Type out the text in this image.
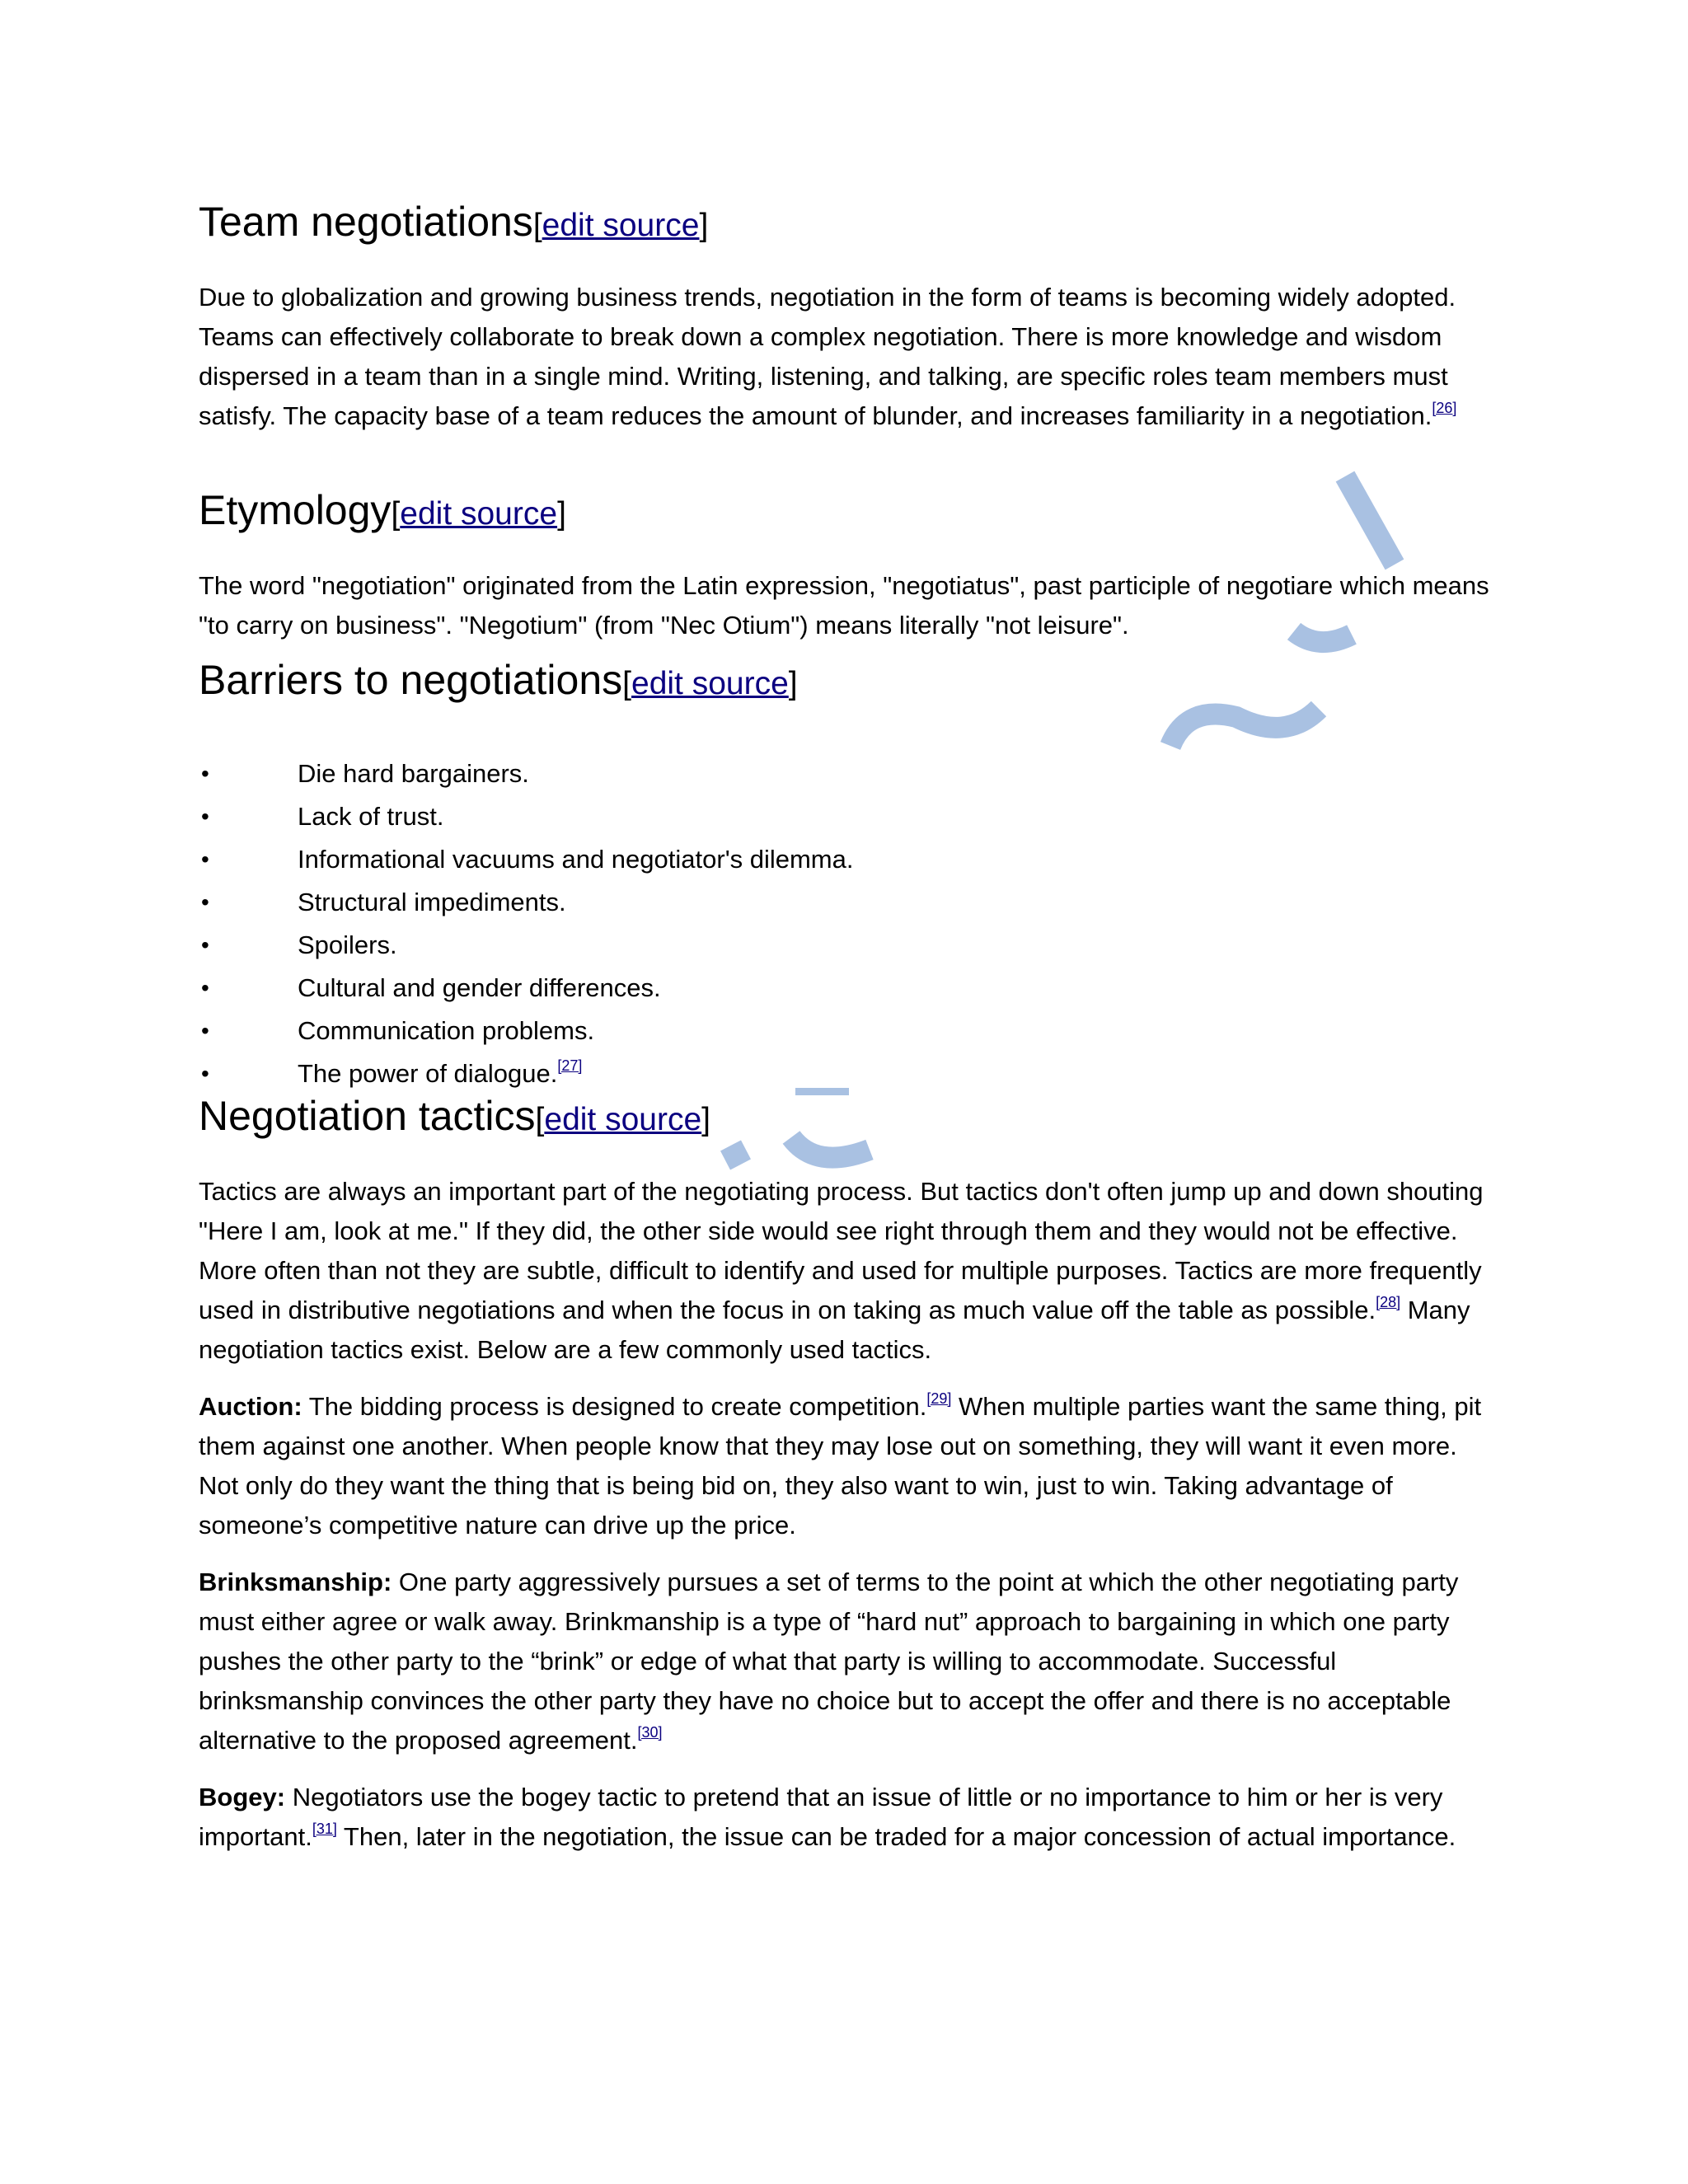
Team negotiations[edit source]

Due to globalization and growing business trends, negotiation in the form of teams is becoming widely adopted. Teams can effectively collaborate to break down a complex negotiation. There is more knowledge and wisdom dispersed in a team than in a single mind. Writing, listening, and talking, are specific roles team members must satisfy. The capacity base of a team reduces the amount of blunder, and increases familiarity in a negotiation.[26]

Etymology[edit source]

The word "negotiation" originated from the Latin expression, "negotiatus", past participle of negotiare which means "to carry on business". "Negotium" (from "Nec Otium") means literally "not leisure".

Barriers to negotiations[edit source]
•	Die hard bargainers.
•	Lack of trust.
•	Informational vacuums and negotiator's dilemma.
•	Structural impediments.
•	Spoilers.
•	Cultural and gender differences.
•	Communication problems.
•	The power of dialogue.[27]
Negotiation tactics[edit source]

Tactics are always an important part of the negotiating process. But tactics don't often jump up and down shouting "Here I am, look at me." If they did, the other side would see right through them and they would not be effective. More often than not they are subtle, difficult to identify and used for multiple purposes. Tactics are more frequently used in distributive negotiations and when the focus in on taking as much value off the table as possible.[28] Many negotiation tactics exist. Below are a few commonly used tactics.

Auction: The bidding process is designed to create competition.[29] When multiple parties want the same thing, pit them against one another. When people know that they may lose out on something, they will want it even more. Not only do they want the thing that is being bid on, they also want to win, just to win. Taking advantage of someone’s competitive nature can drive up the price.

Brinksmanship: One party aggressively pursues a set of terms to the point at which the other negotiating party must either agree or walk away. Brinkmanship is a type of “hard nut” approach to bargaining in which one party pushes the other party to the “brink” or edge of what that party is willing to accommodate. Successful brinksmanship convinces the other party they have no choice but to accept the offer and there is no acceptable alternative to the proposed agreement.[30]

Bogey: Negotiators use the bogey tactic to pretend that an issue of little or no importance to him or her is very important.[31] Then, later in the negotiation, the issue can be traded for a major concession of actual importance.
